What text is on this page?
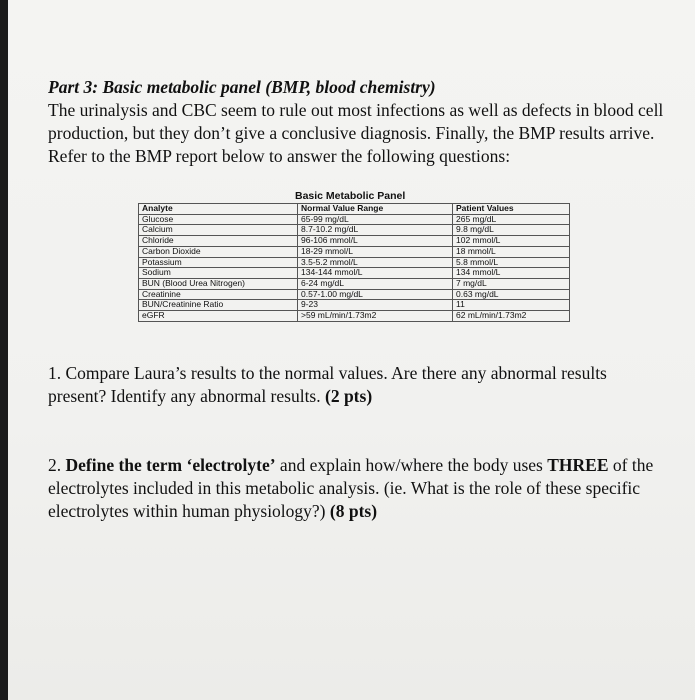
Part 3: Basic metabolic panel (BMP, blood chemistry)

The urinalysis and CBC seem to rule out most infections as well as defects in blood cell production, but they don’t give a conclusive diagnosis. Finally, the BMP results arrive. Refer to the BMP report below to answer the following questions:

Basic Metabolic Panel
Analyte	Normal Value Range	Patient Values
Glucose	65-99 mg/dL	265 mg/dL
Calcium	8.7-10.2 mg/dL	9.8 mg/dL
Chloride	96-106 mmol/L	102 mmol/L
Carbon Dioxide	18-29 mmol/L	18 mmol/L
Potassium	3.5-5.2 mmol/L	5.8 mmol/L
Sodium	134-144 mmol/L	134 mmol/L
BUN (Blood Urea Nitrogen)	6-24 mg/dL	7 mg/dL
Creatinine	0.57-1.00 mg/dL	0.63 mg/dL
BUN/Creatinine Ratio	9-23	11
eGFR	>59 mL/min/1.73m2	62 mL/min/1.73m2
1. Compare Laura’s results to the normal values. Are there any abnormal results present? Identify any abnormal results. (2 pts)
2. Define the term ‘electrolyte’ and explain how/where the body uses THREE of the electrolytes included in this metabolic analysis. (ie. What is the role of these specific electrolytes within human physiology?) (8 pts)
